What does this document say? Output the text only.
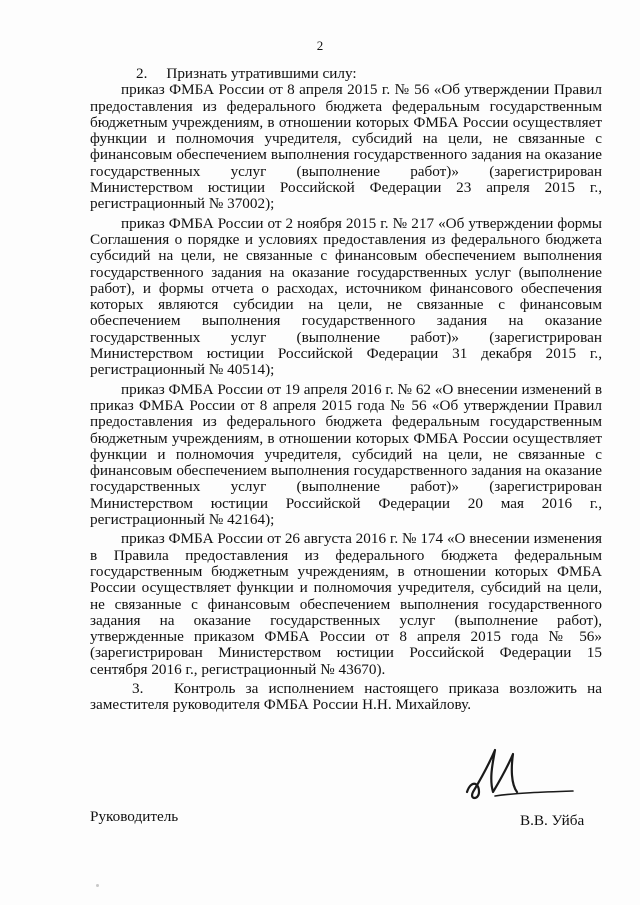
2

2.     Признать утратившими силу:

приказ ФМБА России от 8 апреля 2015 г. № 56 «Об утверждении Правил предоставления из федерального бюджета федеральным государственным бюджетным учреждениям, в отношении которых ФМБА России осуществляет функции и полномочия учредителя, субсидий на цели, не связанные с финансовым обеспечением выполнения государственного задания на оказание государственных услуг (выполнение работ)» (зарегистрирован Министерством юстиции Российской Федерации 23 апреля 2015 г., регистрационный № 37002);

приказ ФМБА России от 2 ноября 2015 г. № 217 «Об утверждении формы Соглашения о порядке и условиях предоставления из федерального бюджета субсидий на цели, не связанные с финансовым обеспечением выполнения государственного задания на оказание государственных услуг (выполнение работ), и формы отчета о расходах, источником финансового обеспечения которых являются субсидии на цели, не связанные с финансовым обеспечением выполнения государственного задания на оказание государственных услуг (выполнение работ)» (зарегистрирован Министерством юстиции Российской Федерации 31 декабря 2015 г., регистрационный № 40514);

приказ ФМБА России от 19 апреля 2016 г. № 62 «О внесении изменений в приказ ФМБА России от 8 апреля 2015 года № 56 «Об утверждении Правил предоставления из федерального бюджета федеральным государственным бюджетным учреждениям, в отношении которых ФМБА России осуществляет функции и полномочия учредителя, субсидий на цели, не связанные с финансовым обеспечением выполнения государственного задания на оказание государственных услуг (выполнение работ)» (зарегистрирован Министерством юстиции Российской Федерации 20 мая 2016 г., регистрационный № 42164);

приказ ФМБА России от 26 августа 2016 г. № 174 «О внесении изменения в Правила предоставления из федерального бюджета федеральным государственным бюджетным учреждениям, в отношении которых ФМБА России осуществляет функции и полномочия учредителя, субсидий на цели, не связанные с финансовым обеспечением выполнения государственного задания на оказание государственных услуг (выполнение работ), утвержденные приказом ФМБА России от 8 апреля 2015 года № 56» (зарегистрирован Министерством юстиции Российской Федерации 15 сентября 2016 г., регистрационный № 43670).

3.   Контроль за исполнением настоящего приказа возложить на заместителя руководителя ФМБА России Н.Н. Михайлову.

Руководитель	В.В. Уйба
